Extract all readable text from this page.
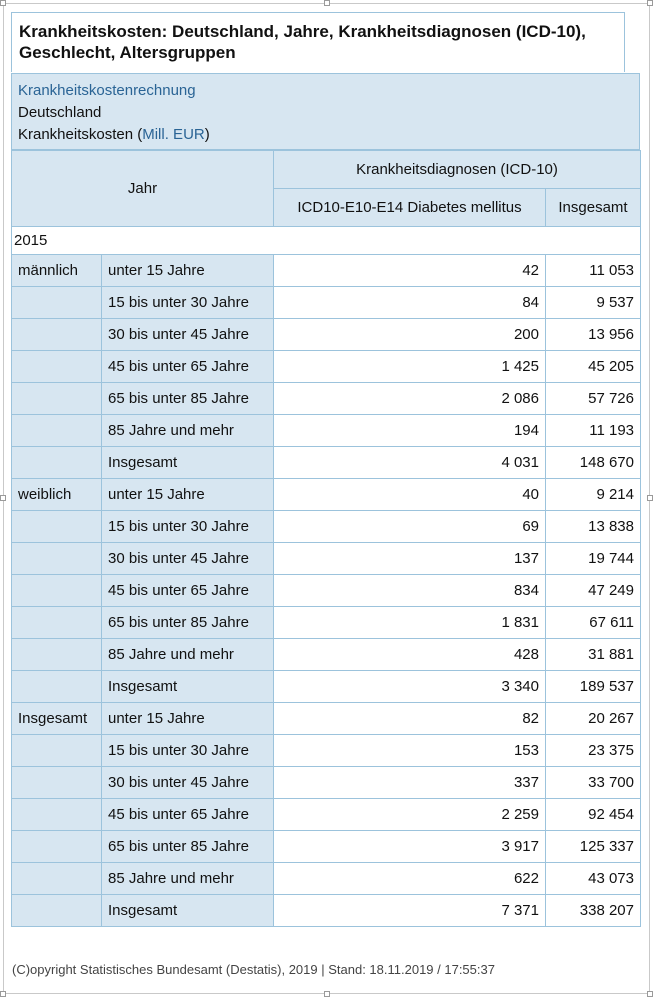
Krankheitskosten: Deutschland, Jahre, Krankheitsdiagnosen (ICD-10), Geschlecht, Altersgruppen
Krankheitskostenrechnung
Deutschland
Krankheitskosten (Mill. EUR)
Jahr		Krankheitsdiagnosen (ICD-10)	
		ICD10-E10-E14 Diabetes mellitus	Insgesamt
2015			
männlich	unter 15 Jahre	42	11 053
	15 bis unter 30 Jahre	84	9 537
	30 bis unter 45 Jahre	200	13 956
	45 bis unter 65 Jahre	1 425	45 205
	65 bis unter 85 Jahre	2 086	57 726
	85 Jahre und mehr	194	11 193
	Insgesamt	4 031	148 670
weiblich	unter 15 Jahre	40	9 214
	15 bis unter 30 Jahre	69	13 838
	30 bis unter 45 Jahre	137	19 744
	45 bis unter 65 Jahre	834	47 249
	65 bis unter 85 Jahre	1 831	67 611
	85 Jahre und mehr	428	31 881
	Insgesamt	3 340	189 537
Insgesamt	unter 15 Jahre	82	20 267
	15 bis unter 30 Jahre	153	23 375
	30 bis unter 45 Jahre	337	33 700
	45 bis unter 65 Jahre	2 259	92 454
	65 bis unter 85 Jahre	3 917	125 337
	85 Jahre und mehr	622	43 073
	Insgesamt	7 371	338 207
(C)opyright Statistisches Bundesamt (Destatis), 2019 | Stand: 18.11.2019 / 17:55:37
